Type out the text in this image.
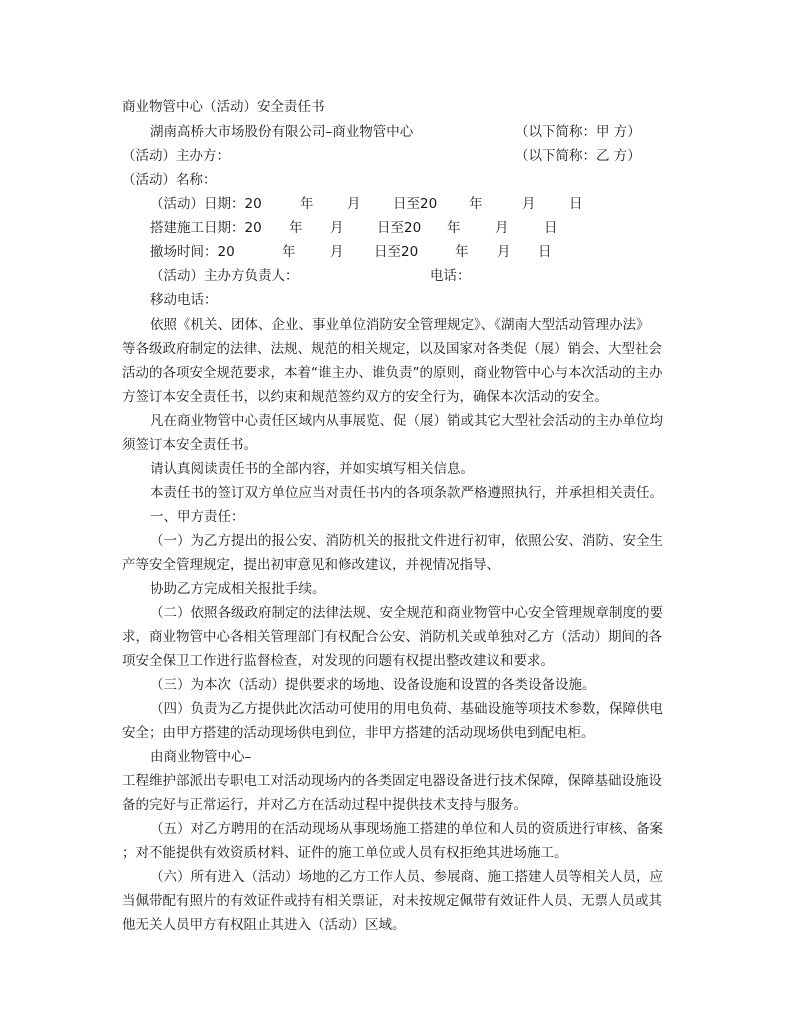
商业物管中心（活动）安全责任书
湖南高桥大市场股份有限公司–商业物管中心	（以下简称：甲 方）
（活动）主办方：	（以下简称：乙 方）
（活动）名称：
（活动）日期：20	年 月 日至20 年	月 日
搭建施工日期：20 年 月 日至20 年	月	日
撤场时间：20	年	月 日至20	年 月 日
（活动）主办方负责人：	电话：
移动电话：
依照《机关、团体、企业、事业单位消防安全管理规定》、《湖南大型活动管理办法》
等各级政府制定的法律、法规、规范的相关规定，以及国家对各类促（展）销会、大型社会
活动的各项安全规范要求，本着“谁主办、谁负责”的原则，商业物管中心与本次活动的主办
方签订本安全责任书，以约束和规范签约双方的安全行为，确保本次活动的安全。
凡在商业物管中心责任区域内从事展览、促（展）销或其它大型社会活动的主办单位均
须签订本安全责任书。
请认真阅读责任书的全部内容，并如实填写相关信息。
本责任书的签订双方单位应当对责任书内的各项条款严格遵照执行，并承担相关责任。
一、甲方责任：
（一）为乙方提出的报公安、消防机关的报批文件进行初审，依照公安、消防、安全生
产等安全管理规定，提出初审意见和修改建议，并视情况指导、
协助乙方完成相关报批手续。
（二）依照各级政府制定的法律法规、安全规范和商业物管中心安全管理规章制度的要
求，商业物管中心各相关管理部门有权配合公安、消防机关或单独对乙方（活动）期间的各
项安全保卫工作进行监督检查，对发现的问题有权提出整改建议和要求。
（三）为本次（活动）提供要求的场地、设备设施和设置的各类设备设施。
（四）负责为乙方提供此次活动可使用的用电负荷、基础设施等项技术参数，保障供电
安全；由甲方搭建的活动现场供电到位，非甲方搭建的活动现场供电到配电柜。
由商业物管中心–
工程维护部派出专职电工对活动现场内的各类固定电器设备进行技术保障，保障基础设施设
备的完好与正常运行，并对乙方在活动过程中提供技术支持与服务。
（五）对乙方聘用的在活动现场从事现场施工搭建的单位和人员的资质进行审核、备案
；对不能提供有效资质材料、证件的施工单位或人员有权拒绝其进场施工。
（六）所有进入（活动）场地的乙方工作人员、参展商、施工搭建人员等相关人员，应
当佩带配有照片的有效证件或持有相关票证，对未按规定佩带有效证件人员、无票人员或其
他无关人员甲方有权阻止其进入（活动）区域。
